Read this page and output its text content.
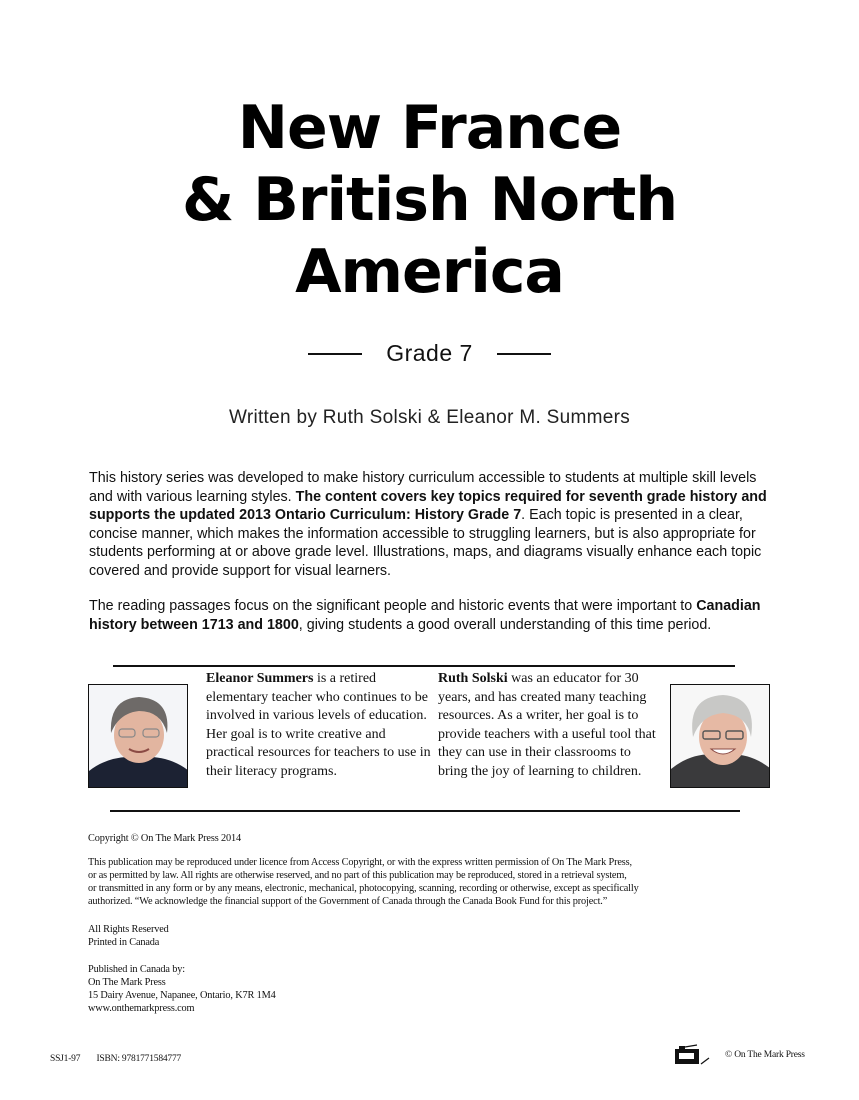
New France
& British North
America
Grade 7
Written by Ruth Solski & Eleanor M. Summers

This history series was developed to make history curriculum accessible to students at multiple skill levels and with various learning styles. The content covers key topics required for seventh grade history and supports the updated 2013 Ontario Curriculum: History Grade 7. Each topic is presented in a clear, concise manner, which makes the information accessible to struggling learners, but is also appropriate for students performing at or above grade level. Illustrations, maps, and diagrams visually enhance each topic covered and provide support for visual learners.

The reading passages focus on the significant people and historic events that were important to Canadian history between 1713 and 1800, giving students a good overall understanding of this time period.

Eleanor Summers is a retired elementary teacher who continues to be involved in various levels of education. Her goal is to write creative and practical resources for teachers to use in their literacy programs.

Ruth Solski was an educator for 30 years, and has created many teaching resources. As a writer, her goal is to provide teachers with a useful tool that they can use in their classrooms to bring the joy of learning to children.

Copyright © On The Mark Press 2014
This publication may be reproduced under licence from Access Copyright, or with the express written permission of On The Mark Press,
or as permitted by law. All rights are otherwise reserved, and no part of this publication may be reproduced, stored in a retrieval system,
or transmitted in any form or by any means, electronic, mechanical, photocopying, scanning, recording or otherwise, except as specifically
authorized. “We acknowledge the financial support of the Government of Canada through the Canada Book Fund for this project.”
All Rights Reserved
Printed in Canada
Published in Canada by:
On The Mark Press
15 Dairy Avenue, Napanee, Ontario, K7R 1M4
www.onthemarkpress.com
SSJ1-97 ISBN: 9781771584777	© On The Mark Press
